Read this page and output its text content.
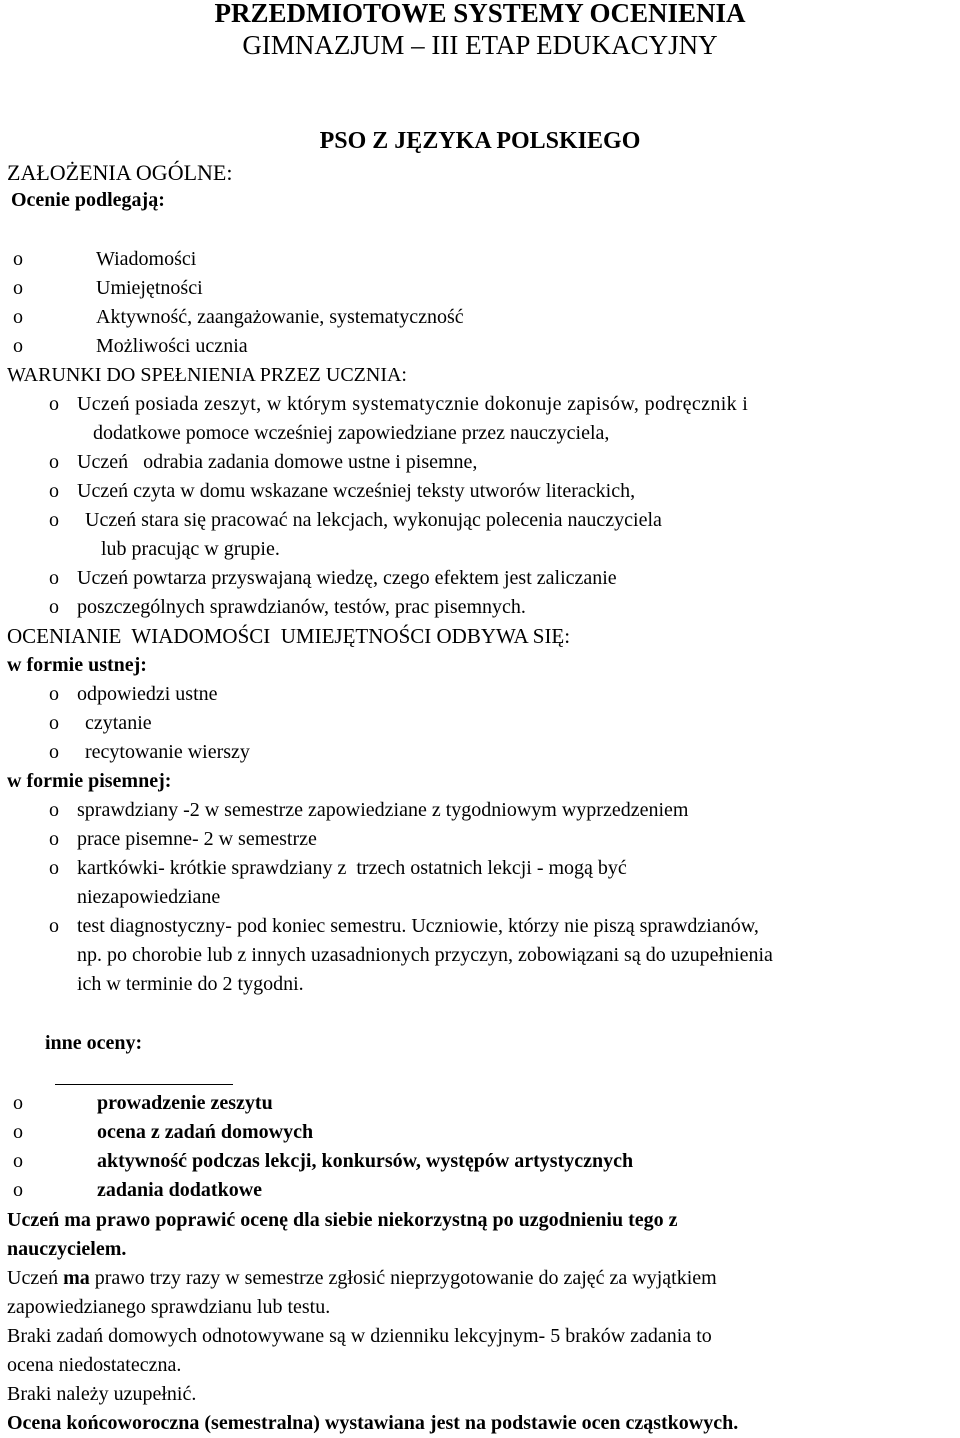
PRZEDMIOTOWE SYSTEMY OCENIENIA
GIMNAZJUM – III ETAP EDUKACYJNY
PSO Z JĘZYKA POLSKIEGO
ZAŁOŻENIA OGÓLNE:
Ocenie podlegają:
o	Wiadomości
o	Umiejętności
o	Aktywność, zaangażowanie, systematyczność
o	Możliwości ucznia
WARUNKI DO SPEŁNIENIA PRZEZ UCZNIA:
o Uczeń posiada zeszyt, w którym systematycznie dokonuje zapisów, podręcznik i
dodatkowe pomoce wcześniej zapowiedziane przez nauczyciela,
o Uczeń   odrabia zadania domowe ustne i pisemne,
o Uczeń czyta w domu wskazane wcześniej teksty utworów literackich,
o Uczeń stara się pracować na lekcjach, wykonując polecenia nauczyciela
lub pracując w grupie.
o Uczeń powtarza przyswajaną wiedzę, czego efektem jest zaliczanie
o poszczególnych sprawdzianów, testów, prac pisemnych.
OCENIANIE  WIADOMOŚCI  UMIEJĘTNOŚCI ODBYWA SIĘ:
w formie ustnej:
o odpowiedzi ustne
o czytanie
o recytowanie wierszy
w formie pisemnej:
o sprawdziany -2 w semestrze zapowiedziane z tygodniowym wyprzedzeniem
o prace pisemne- 2 w semestrze
o kartkówki- krótkie sprawdziany z  trzech ostatnich lekcji - mogą być
niezapowiedziane
o test diagnostyczny- pod koniec semestru. Uczniowie, którzy nie piszą sprawdzianów,
np. po chorobie lub z innych uzasadnionych przyczyn, zobowiązani są do uzupełnienia
ich w terminie do 2 tygodni.
inne oceny:
o	prowadzenie zeszytu
o	ocena z zadań domowych
o	aktywność podczas lekcji, konkursów, występów artystycznych
o	zadania dodatkowe
Uczeń ma prawo poprawić ocenę dla siebie niekorzystną po uzgodnieniu tego z
nauczycielem.
Uczeń ma prawo trzy razy w semestrze zgłosić nieprzygotowanie do zajęć za wyjątkiem
zapowiedzianego sprawdzianu lub testu.
Braki zadań domowych odnotowywane są w dzienniku lekcyjnym- 5 braków zadania to
ocena niedostateczna.
Braki należy uzupełnić.
Ocena końcoworoczna (semestralna) wystawiana jest na podstawie ocen cząstkowych.
